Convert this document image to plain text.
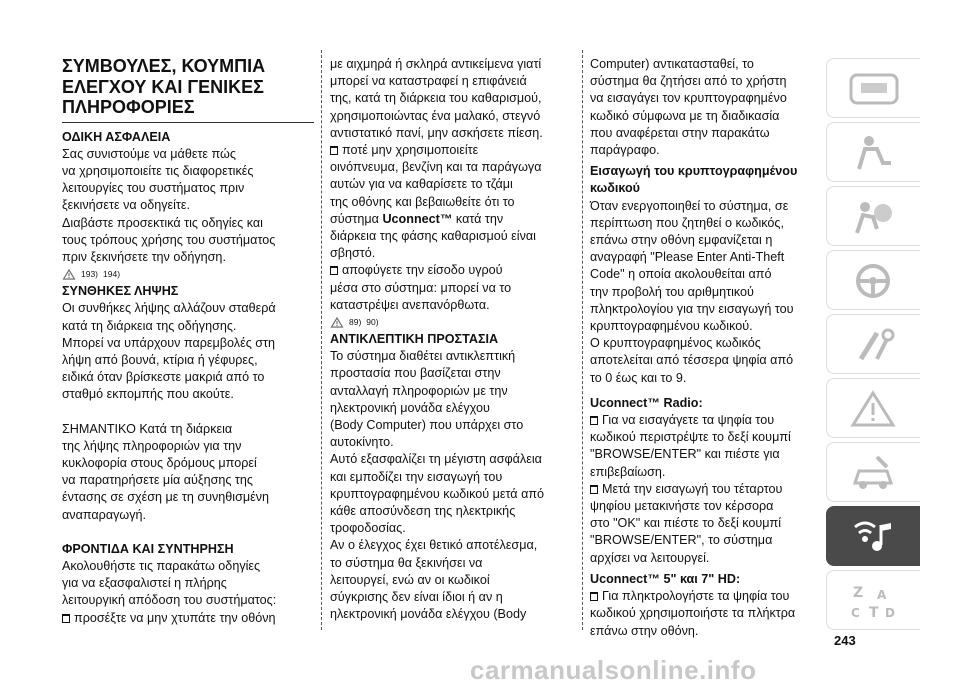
ΣΥΜΒΟΥΛΕΣ, ΚΟΥΜΠΙΑ
ΕΛΕΓΧΟΥ ΚΑΙ ΓΕΝΙΚΕΣ
ΠΛΗΡΟΦΟΡΙΕΣ

ΟΔΙΚΗ ΑΣΦΑΛΕΙΑ

Σας συνιστούμε να μάθετε πώς
να χρησιμοποιείτε τις διαφορετικές
λειτουργίες του συστήματος πριν
ξεκινήσετε να οδηγείτε.
Διαβάστε προσεκτικά τις οδηγίες και
τους τρόπους χρήσης του συστήματος
πριν ξεκινήσετε την οδήγηση.

193) 194)

ΣΥΝΘΗΚΕΣ ΛΗΨΗΣ

Οι συνθήκες λήψης αλλάζουν σταθερά
κατά τη διάρκεια της οδήγησης.
Μπορεί να υπάρχουν παρεμβολές στη
λήψη από βουνά, κτίρια ή γέφυρες,
ειδικά όταν βρίσκεστε μακριά από το
σταθμό εκπομπής που ακούτε.

ΣΗΜΑΝΤΙΚΟ Κατά τη διάρκεια
της λήψης πληροφοριών για την
κυκλοφορία στους δρόμους μπορεί
να παρατηρήσετε μία αύξησης της
έντασης σε σχέση με τη συνηθισμένη
αναπαραγωγή.

ΦΡΟΝΤΙΔΑ ΚΑΙ ΣΥΝΤΗΡΗΣΗ

Ακολουθήστε τις παρακάτω οδηγίες
για να εξασφαλιστεί η πλήρης
λειτουργική απόδοση του συστήματος:

προσέξτε να μην χτυπάτε την οθόνη

με αιχμηρά ή σκληρά αντικείμενα γιατί
μπορεί να καταστραφεί η επιφάνειά
της, κατά τη διάρκεια του καθαρισμού,
χρησιμοποιώντας ένα μαλακό, στεγνό
αντιστατικό πανί, μην ασκήσετε πίεση.

ποτέ μην χρησιμοποιείτε
οινόπνευμα, βενζίνη και τα παράγωγα
αυτών για να καθαρίσετε το τζάμι
της οθόνης και βεβαιωθείτε ότι το
σύστημα Uconnect™ κατά την
διάρκεια της φάσης καθαρισμού είναι
σβηστό.

αποφύγετε την είσοδο υγρού
μέσα στο σύστημα: μπορεί να το
καταστρέψει ανεπανόρθωτα.

89) 90)

ΑΝΤΙΚΛΕΠΤΙΚΗ ΠΡΟΣΤΑΣΙΑ

Το σύστημα διαθέτει αντικλεπτική
προστασία που βασίζεται στην
ανταλλαγή πληροφοριών με την
ηλεκτρονική μονάδα ελέγχου
(Body Computer) που υπάρχει στο
αυτοκίνητο.
Αυτό εξασφαλίζει τη μέγιστη ασφάλεια
και εμποδίζει την εισαγωγή του
κρυπτογραφημένου κωδικού μετά από
κάθε αποσύνδεση της ηλεκτρικής
τροφοδοσίας.
Αν ο έλεγχος έχει θετικό αποτέλεσμα,
το σύστημα θα ξεκινήσει να
λειτουργεί, ενώ αν οι κωδικοί
σύγκρισης δεν είναι ίδιοι ή αν η
ηλεκτρονική μονάδα ελέγχου (Body

Computer) αντικατασταθεί, το
σύστημα θα ζητήσει από το χρήστη
να εισαγάγει τον κρυπτογραφημένο
κωδικό σύμφωνα με τη διαδικασία
που αναφέρεται στην παρακάτω
παράγραφο.

Εισαγωγή του κρυπτογραφημένου
κωδικού

Όταν ενεργοποιηθεί το σύστημα, σε
περίπτωση που ζητηθεί ο κωδικός,
επάνω στην οθόνη εμφανίζεται η
αναγραφή "Please Enter Anti-Theft
Code" η οποία ακολουθείται από
την προβολή του αριθμητικού
πληκτρολογίου για την εισαγωγή του
κρυπτογραφημένου κωδικού.
Ο κρυπτογραφημένος κωδικός
αποτελείται από τέσσερα ψηφία από
το 0 έως και το 9.

Uconnect™ Radio:

Για να εισαγάγετε τα ψηφία του
κωδικού περιστρέψτε το δεξί κουμπί
"BROWSE/ENTER" και πιέστε για
επιβεβαίωση.

Μετά την εισαγωγή του τέταρτου
ψηφίου μετακινήστε τον κέρσορα
στο "OK" και πιέστε το δεξί κουμπί
"BROWSE/ENTER", το σύστημα
αρχίσει να λειτουργεί.

Uconnect™ 5" και 7" HD:

Για πληκτρολογήστε τα ψηφία του
κωδικού χρησιμοποιήστε τα πλήκτρα
επάνω στην οθόνη.

Z A
C T D
243
carmanualsonline.info
